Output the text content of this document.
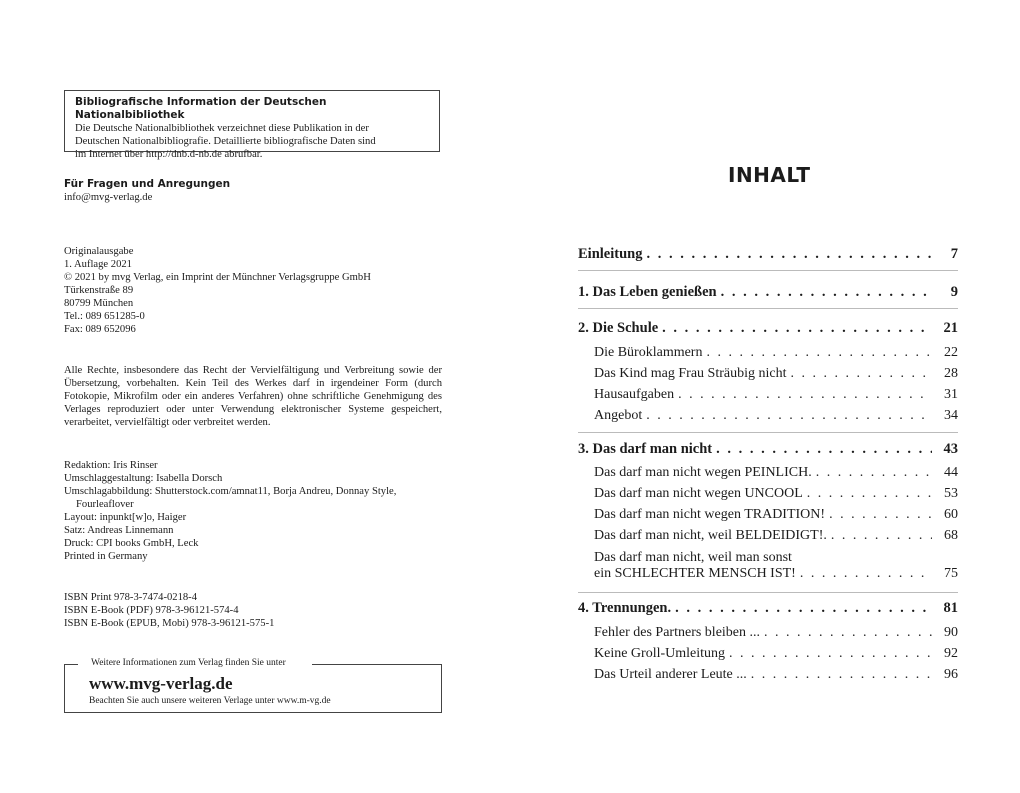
Bibliografische Information der Deutschen Nationalbibliothek
Die Deutsche Nationalbibliothek verzeichnet diese Publikation in der
Deutschen Nationalbibliografie. Detaillierte bibliografische Daten sind
im Internet über http://dnb.d-nb.de abrufbar.
Für Fragen und Anregungen
info@mvg-verlag.de
Originalausgabe
1. Auflage 2021
© 2021 by mvg Verlag, ein Imprint der Münchner Verlagsgruppe GmbH
Türkenstraße 89
80799 München
Tel.: 089 651285-0
Fax: 089 652096
Alle Rechte, insbesondere das Recht der Vervielfältigung und Verbreitung sowie der Übersetzung, vorbehalten. Kein Teil des Werkes darf in irgendeiner Form (durch Fotokopie, Mikrofilm oder ein anderes Verfahren) ohne schriftliche Genehmigung des Verlages reproduziert oder unter Verwendung elektronischer Systeme gespeichert, verarbeitet, vervielfältigt oder verbreitet werden.
Redaktion: Iris Rinser
Umschlaggestaltung: Isabella Dorsch
Umschlagabbildung: Shutterstock.com/amnat11, Borja Andreu, Donnay Style,
Fourleaflover
Layout: inpunkt[w]o, Haiger
Satz: Andreas Linnemann
Druck: CPI books GmbH, Leck
Printed in Germany
ISBN Print 978-3-7474-0218-4
ISBN E-Book (PDF) 978-3-96121-574-4
ISBN E-Book (EPUB, Mobi) 978-3-96121-575-1
Weitere Informationen zum Verlag finden Sie unter
www.mvg-verlag.de
Beachten Sie auch unsere weiteren Verlage unter www.m-vg.de
INHALT
Einleitung . . .	7
1. Das Leben genießen . . .	9
2. Die Schule . . .	21
Die Büroklammern . . .	22
Das Kind mag Frau Sträubig nicht . . .	28
Hausaufgaben . . .	31
Angebot . . .	34
3. Das darf man nicht . . .	43
Das darf man nicht wegen PEINLICH. . . .	44
Das darf man nicht wegen UNCOOL . . .	53
Das darf man nicht wegen TRADITION! . . .	60
Das darf man nicht, weil BELDEIDIGT!. . . .	68
Das darf man nicht, weil man sonst
ein SCHLECHTER MENSCH IST! . . .	75
4. Trennungen. . . .	81
Fehler des Partners bleiben ... . . .	90
Keine Groll-Umleitung . . .	92
Das Urteil anderer Leute ... . . .	96
